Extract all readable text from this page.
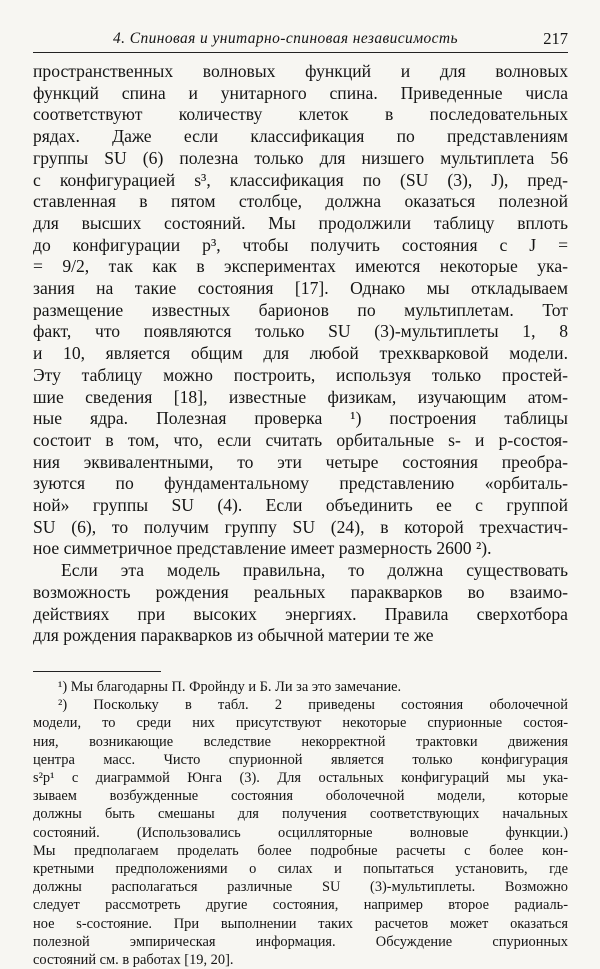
4. Спиновая и унитарно-спиновая независимость	217

пространственных волновых функций и для волновых

функций спина и унитарного спина. Приведенные числа

соответствуют количеству клеток в последовательных

рядах. Даже если классификация по представлениям

группы SU (6) полезна только для низшего мультиплета 56

с конфигурацией s³, классификация по (SU (3), J), пред-

ставленная в пятом столбце, должна оказаться полезной

для высших состояний. Мы продолжили таблицу вплоть

до конфигурации p³, чтобы получить состояния с J =

= 9/2, так как в экспериментах имеются некоторые ука-

зания на такие состояния [17]. Однако мы откладываем

размещение известных барионов по мультиплетам. Тот

факт, что появляются только SU (3)-мультиплеты 1, 8

и 10, является общим для любой трехкварковой модели.

Эту таблицу можно построить, используя только простей-

шие сведения [18], известные физикам, изучающим атом-

ные ядра. Полезная проверка ¹) построения таблицы

состоит в том, что, если считать орбитальные s- и p-состоя-

ния эквивалентными, то эти четыре состояния преобра-

зуются по фундаментальному представлению «орбиталь-

ной» группы SU (4). Если объединить ее с группой

SU (6), то получим группу SU (24), в которой трехчастич-

ное симметричное представление имеет размерность 2600 ²).

Если эта модель правильна, то должна существовать

возможность рождения реальных паракварков во взаимо-

действиях при высоких энергиях. Правила сверхотбора

для рождения паракварков из обычной материи те же

¹) Мы благодарны П. Фройнду и Б. Ли за это замечание.

²) Поскольку в табл. 2 приведены состояния оболочечной

модели, то среди них присутствуют некоторые спурионные состоя-

ния, возникающие вследствие некорректной трактовки движения

центра масс. Чисто спурионной является только конфигурация

s²p¹ с диаграммой Юнга (3). Для остальных конфигураций мы ука-

зываем возбужденные состояния оболочечной модели, которые

должны быть смешаны для получения соответствующих начальных

состояний. (Использовались осцилляторные волновые функции.)

Мы предполагаем проделать более подробные расчеты с более кон-

кретными предположениями о силах и попытаться установить, где

должны располагаться различные SU (3)-мультиплеты. Возможно

следует рассмотреть другие состояния, например второе радиаль-

ное s-состояние. При выполнении таких расчетов может оказаться

полезной эмпирическая информация. Обсуждение спурионных

состояний см. в работах [19, 20].
